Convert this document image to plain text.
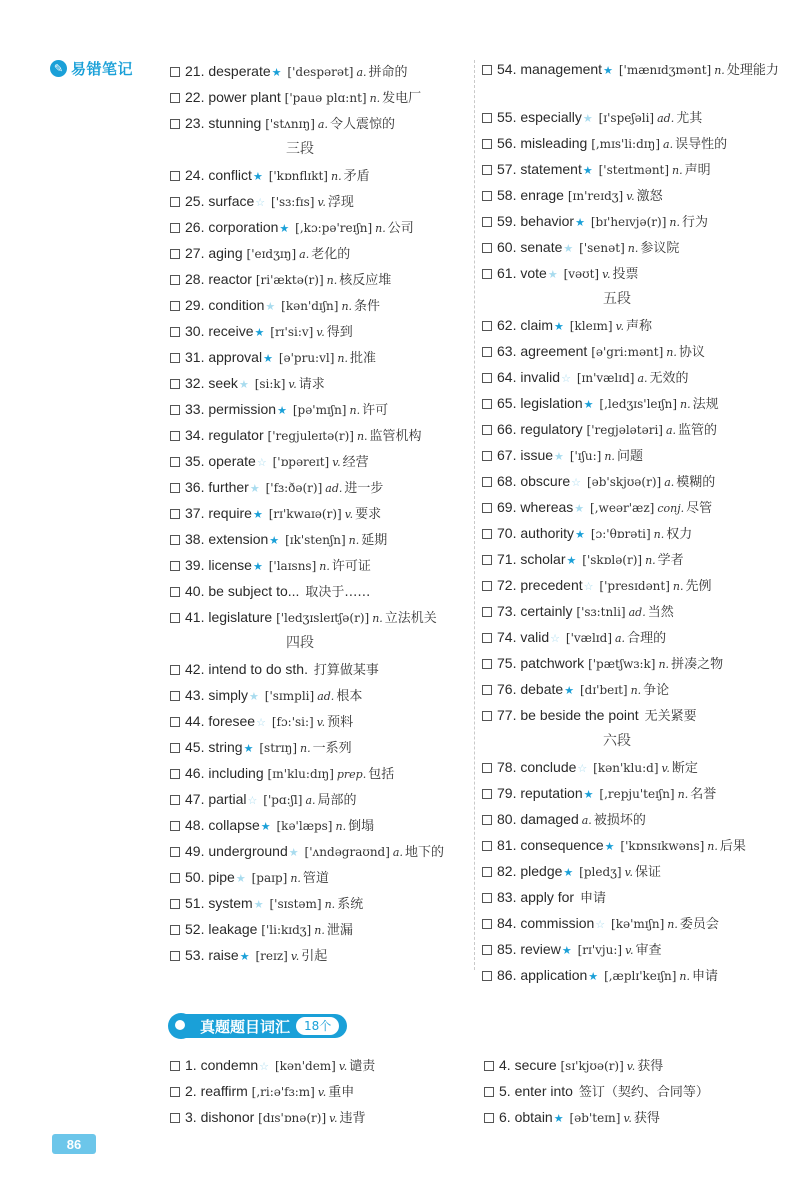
✎ 易错笔记	21. desperate★ ['despərət] a. 拼命的
22. power plant ['pauə plɑ:nt] n. 发电厂
23. stunning ['stʌnɪŋ] a. 令人震惊的
三段
24. conflict★ ['kɒnflɪkt] n. 矛盾
25. surface☆ ['sɜ:fɪs] v. 浮现
26. corporation★ [,kɔ:pə'reɪʃn] n. 公司
27. aging ['eɪdʒɪŋ] a. 老化的
28. reactor [ri'æktə(r)] n. 核反应堆
29. condition★ [kən'dɪʃn] n. 条件
30. receive★ [rɪ'si:v] v. 得到
31. approval★ [ə'pru:vl] n. 批准
32. seek★ [si:k] v. 请求
33. permission★ [pə'mɪʃn] n. 许可
34. regulator ['regjuleɪtə(r)] n. 监管机构
35. operate☆ ['ɒpəreɪt] v. 经营
36. further★ ['fɜ:ðə(r)] ad. 进一步
37. require★ [rɪ'kwaɪə(r)] v. 要求
38. extension★ [ɪk'stenʃn] n. 延期
39. license★ ['laɪsns] n. 许可证
40. be subject to... 取决于……
41. legislature ['ledʒɪsleɪtʃə(r)] n. 立法机关
四段
42. intend to do sth. 打算做某事
43. simply★ ['sɪmpli] ad. 根本
44. foresee☆ [fɔ:'si:] v. 预料
45. string★ [strɪŋ] n. 一系列
46. including [ɪn'klu:dɪŋ] prep. 包括
47. partial☆ ['pɑ:ʃl] a. 局部的
48. collapse★ [kə'læps] n. 倒塌
49. underground★ ['ʌndəgraʊnd] a. 地下的
50. pipe★ [paɪp] n. 管道
51. system★ ['sɪstəm] n. 系统
52. leakage ['li:kɪdʒ] n. 泄漏
53. raise★ [reɪz] v. 引起
54. management★ ['mænɪdʒmənt] n. 处理能力
55. especially★ [ɪ'speʃəli] ad. 尤其
56. misleading [,mɪs'li:dɪŋ] a. 误导性的
57. statement★ ['steɪtmənt] n. 声明
58. enrage [ɪn'reɪdʒ] v. 激怒
59. behavior★ [bɪ'heɪvjə(r)] n. 行为
60. senate★ ['senət] n. 参议院
61. vote★ [vəʊt] v. 投票
五段
62. claim★ [kleɪm] v. 声称
63. agreement [ə'gri:mənt] n. 协议
64. invalid☆ [ɪn'vælɪd] a. 无效的
65. legislation★ [,ledʒɪs'leɪʃn] n. 法规
66. regulatory ['regjələtəri] a. 监管的
67. issue★ ['ɪʃu:] n. 问题
68. obscure☆ [əb'skjʊə(r)] a. 模糊的
69. whereas★ [,weər'æz] conj. 尽管
70. authority★ [ɔ:'θɒrəti] n. 权力
71. scholar★ ['skɒlə(r)] n. 学者
72. precedent☆ ['presɪdənt] n. 先例
73. certainly ['sɜ:tnli] ad. 当然
74. valid☆ ['vælɪd] a. 合理的
75. patchwork ['pætʃwɜ:k] n. 拼凑之物
76. debate★ [dɪ'beɪt] n. 争论
77. be beside the point 无关紧要
六段
78. conclude☆ [kən'klu:d] v. 断定
79. reputation★ [,repju'teɪʃn] n. 名誉
80. damaged a. 被损坏的
81. consequence★ ['kɒnsɪkwəns] n. 后果
82. pledge★ [pledʒ] v. 保证
83. apply for 申请
84. commission☆ [kə'mɪʃn] n. 委员会
85. review★ [rɪ'vju:] v. 审查
86. application★ [,æplɪ'keɪʃn] n. 申请
真题题目词汇	18个
1. condemn☆ [kən'dem] v. 谴责
2. reaffirm [,ri:ə'fɜ:m] v. 重申
3. dishonor [dɪs'ɒnə(r)] v. 违背
4. secure [sɪ'kjʊə(r)] v. 获得
5. enter into 签订（契约、合同等）
6. obtain★ [əb'teɪn] v. 获得
86
